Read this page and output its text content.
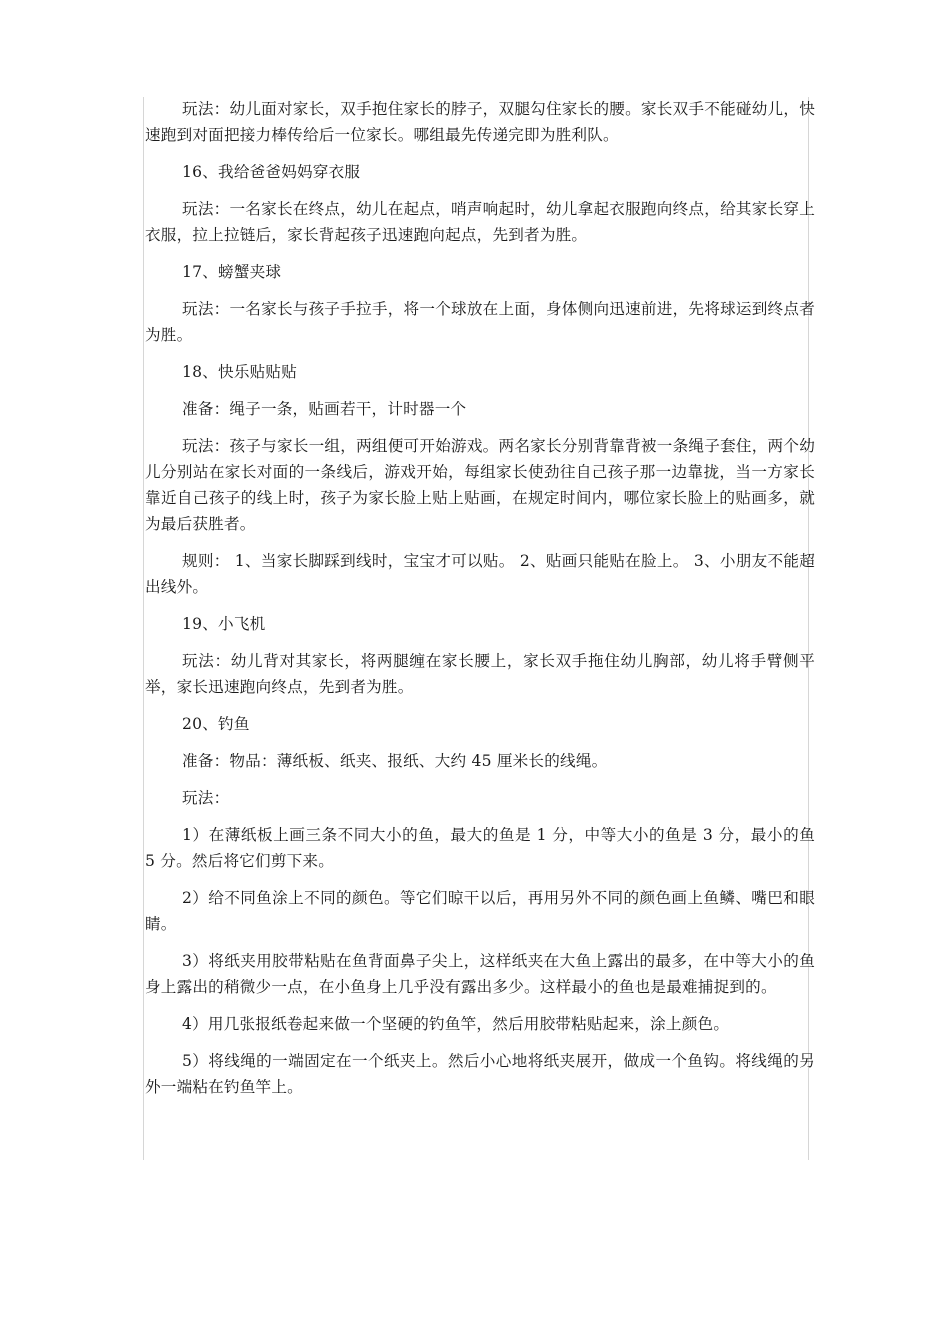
玩法：幼儿面对家长，双手抱住家长的脖子，双腿勾住家长的腰。家长双手不能碰幼儿，快速跑到对面把接力棒传给后一位家长。哪组最先传递完即为胜利队。

16、我给爸爸妈妈穿衣服

玩法：一名家长在终点，幼儿在起点，哨声响起时，幼儿拿起衣服跑向终点，给其家长穿上衣服，拉上拉链后，家长背起孩子迅速跑向起点，先到者为胜。

17、螃蟹夹球

玩法：一名家长与孩子手拉手，将一个球放在上面，身体侧向迅速前进，先将球运到终点者为胜。

18、快乐贴贴贴

准备：绳子一条，贴画若干，计时器一个

玩法：孩子与家长一组，两组便可开始游戏。两名家长分别背靠背被一条绳子套住，两个幼儿分别站在家长对面的一条线后，游戏开始，每组家长使劲往自己孩子那一边靠拢，当一方家长靠近自己孩子的线上时，孩子为家长脸上贴上贴画，在规定时间内，哪位家长脸上的贴画多，就为最后获胜者。

规则： 1、当家长脚踩到线时，宝宝才可以贴。 2、贴画只能贴在脸上。 3、小朋友不能超出线外。

19、小飞机

玩法：幼儿背对其家长，将两腿缠在家长腰上，家长双手拖住幼儿胸部，幼儿将手臂侧平举，家长迅速跑向终点，先到者为胜。

20、钓鱼

准备：物品：薄纸板、纸夹、报纸、大约 45 厘米长的线绳。

玩法：

1）在薄纸板上画三条不同大小的鱼，最大的鱼是 1 分，中等大小的鱼是 3 分，最小的鱼 5 分。然后将它们剪下来。

2）给不同鱼涂上不同的颜色。等它们晾干以后，再用另外不同的颜色画上鱼鳞、嘴巴和眼睛。

3）将纸夹用胶带粘贴在鱼背面鼻子尖上，这样纸夹在大鱼上露出的最多，在中等大小的鱼身上露出的稍微少一点，在小鱼身上几乎没有露出多少。这样最小的鱼也是最难捕捉到的。

4）用几张报纸卷起来做一个坚硬的钓鱼竿，然后用胶带粘贴起来，涂上颜色。

5）将线绳的一端固定在一个纸夹上。然后小心地将纸夹展开，做成一个鱼钩。将线绳的另外一端粘在钓鱼竿上。
